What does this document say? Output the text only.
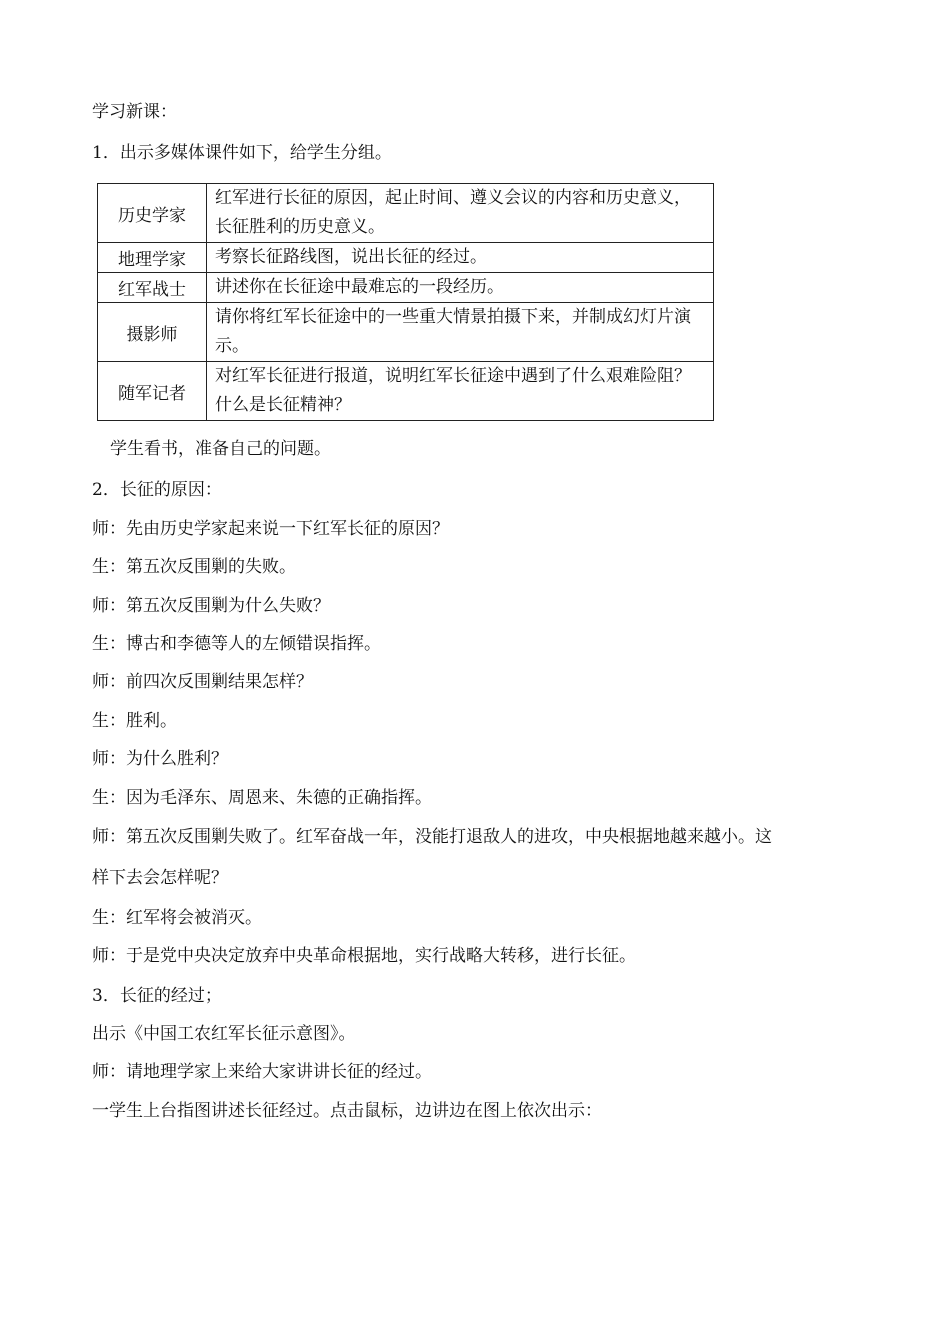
学习新课：
1．出示多媒体课件如下，给学生分组。
历史学家	红军进行长征的原因，起止时间、遵义会议的内容和历史意义，长征胜利的历史意义。
地理学家	考察长征路线图，说出长征的经过。
红军战士	讲述你在长征途中最难忘的一段经历。
摄影师	请你将红军长征途中的一些重大情景拍摄下来，并制成幻灯片演示。
随军记者	对红军长征进行报道，说明红军长征途中遇到了什么艰难险阻？什么是长征精神？
学生看书，准备自己的问题。
2．长征的原因：
师：先由历史学家起来说一下红军长征的原因？
生：第五次反围剿的失败。
师：第五次反围剿为什么失败？
生：博古和李德等人的左倾错误指挥。
师：前四次反围剿结果怎样？
生：胜利。
师：为什么胜利？
生：因为毛泽东、周恩来、朱德的正确指挥。
师：第五次反围剿失败了。红军奋战一年，没能打退敌人的进攻，中央根据地越来越小。这
样下去会怎样呢？
生：红军将会被消灭。
师：于是党中央决定放弃中央革命根据地，实行战略大转移，进行长征。
3．长征的经过；
出示《中国工农红军长征示意图》。
师：请地理学家上来给大家讲讲长征的经过。
一学生上台指图讲述长征经过。点击鼠标，边讲边在图上依次出示：
